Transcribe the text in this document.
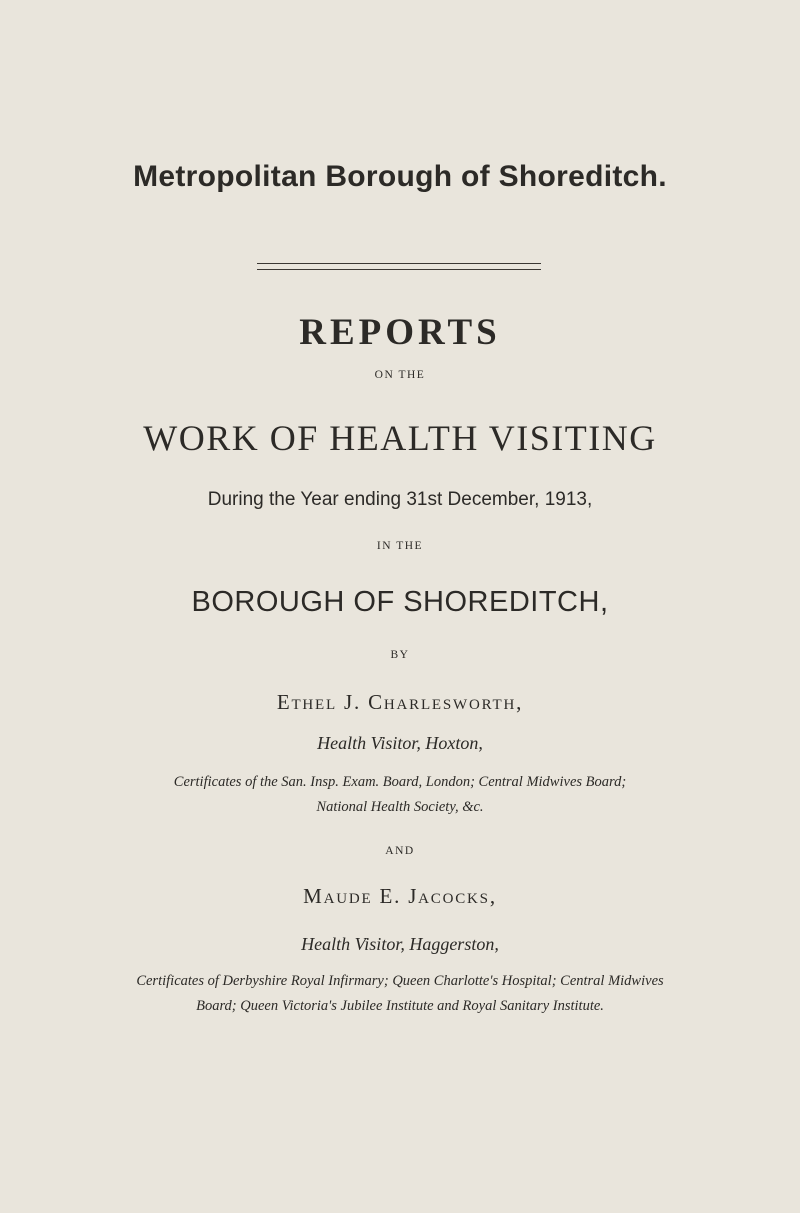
Metropolitan Borough of Shoreditch.
REPORTS
ON THE
WORK OF HEALTH VISITING
During the Year ending 31st December, 1913,
IN THE
BOROUGH OF SHOREDITCH,
BY
Ethel J. Charlesworth,
Health Visitor, Hoxton,
Certificates of the San. Insp. Exam. Board, London; Central Midwives Board;
National Health Society, &c.
AND
Maude E. Jacocks,
Health Visitor, Haggerston,
Certificates of Derbyshire Royal Infirmary; Queen Charlotte's Hospital; Central Midwives
Board; Queen Victoria's Jubilee Institute and Royal Sanitary Institute.
